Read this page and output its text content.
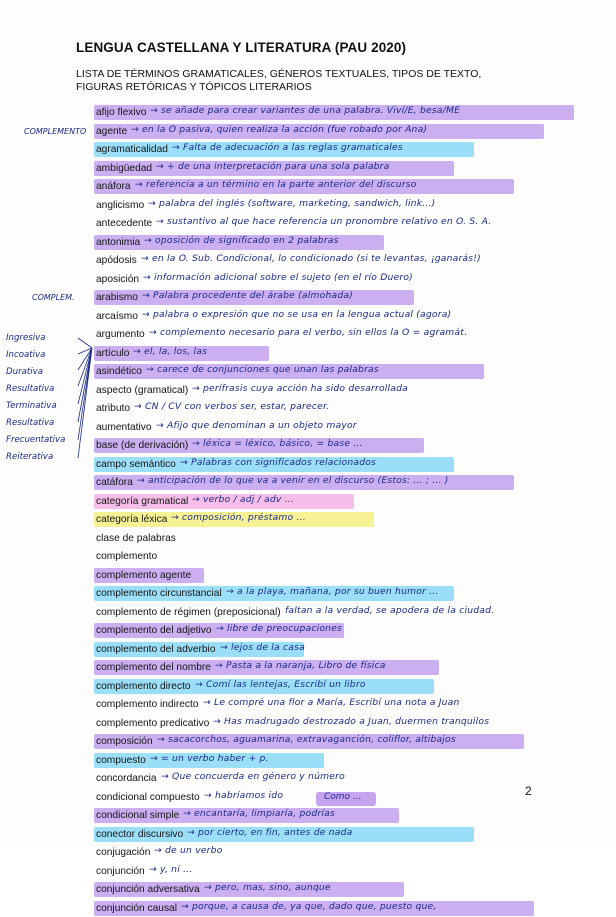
LENGUA CASTELLANA Y LITERATURA (PAU 2020)
LISTA DE TÉRMINOS GRAMATICALES, GÉNEROS TEXTUALES, TIPOS DE TEXTO,
FIGURAS RETÓRICAS Y TÓPICOS LITERARIOS
COMPLEMENTO
COMPLEM.
Ingresiva
Incoativa
Durativa
Resultativa
Terminativa
Resultativa
Frecuentativa
Reiterativa
afijo flexivo → se añade para crear variantes de una palabra. Viví/E, besa/ME
agente → en la O pasiva, quien realiza la acción (fue robado por Ana)
agramaticalidad → Falta de adecuación a las reglas gramaticales
ambigüedad → + de una interpretación para una sola palabra
anáfora → referencia a un término en la parte anterior del discurso
anglicismo → palabra del inglés (software, marketing, sandwich, link...)
antecedente → sustantivo al que hace referencia un pronombre relativo en O. S. A.
antonimia → oposición de significado en 2 palabras
apódosis → en la O. Sub. Condicional, lo condicionado (si te levantas, ¡ganarás!)
aposición → información adicional sobre el sujeto (en el río Duero)
arabismo → Palabra procedente del árabe (almohada)
arcaísmo → palabra o expresión que no se usa en la lengua actual (agora)
argumento → complemento necesario para el verbo, sin ellos la O = agramát.
artículo → el, la, los, las
asindético → carece de conjunciones que unan las palabras
aspecto (gramatical) → perífrasis cuya acción ha sido desarrollada
atributo → CN / CV con verbos ser, estar, parecer.
aumentativo → Afijo que denominan a un objeto mayor
base (de derivación) → léxica = léxico, básico, = base ...
campo semántico → Palabras con significados relacionados
catáfora → anticipación de lo que va a venir en el discurso (Estos: ... ; ... )
categoría gramatical → verbo / adj / adv ...
categoría léxica → composición, préstamo ...
clase de palabras
complemento
complemento agente
complemento circunstancial → a la playa, mañana, por su buen humor ...
complemento de régimen (preposicional) faltan a la verdad, se apodera de la ciudad.
complemento del adjetivo → libre de preocupaciones
complemento del adverbio → lejos de la casa
complemento del nombre → Pasta a la naranja, Libro de física
complemento directo → Comí las lentejas, Escribí un libro
complemento indirecto → Le compré una flor a María, Escribí una nota a Juan
complemento predicativo → Has madrugado destrozado a Juan, duermen tranquilos
composición → sacacorchos, aguamarina, extravaganción, coliflor, altibajos
compuesto → = un verbo haber + p.
concordancia → Que concuerda en género y número
condicional compuesto → habríamos ido
condicional simple → encantaría, limpiaría, podrías
conector discursivo → por cierto, en fin, antes de nada
conjugación → de un verbo
conjunción → y, ni ...
conjunción adversativa → pero, mas, sino, aunque
conjunción causal → porque, a causa de, ya que, dado que, puesto que,
Como ...	2
